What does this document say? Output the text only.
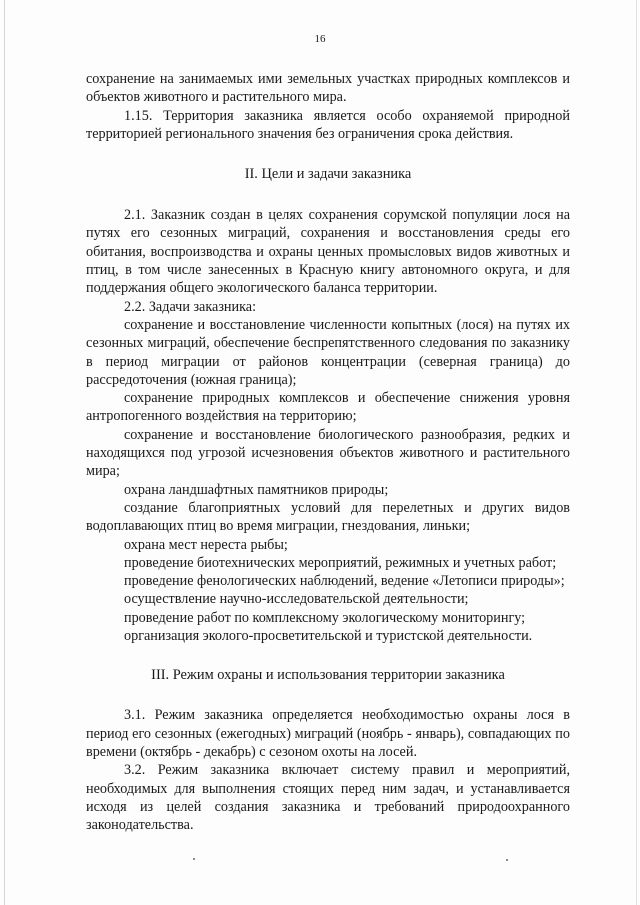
16

сохранение на занимаемых ими земельных участках природных комплексов и объектов животного и растительного мира.

1.15. Территория заказника является особо охраняемой природной территорией регионального значения без ограничения срока действия.

II. Цели и задачи заказника

2.1. Заказник создан в целях сохранения сорумской популяции лося на путях его сезонных миграций, сохранения и восстановления среды его обитания, воспроизводства и охраны ценных промысловых видов животных и птиц, в том числе занесенных в Красную книгу автономного округа, и для поддержания общего экологического баланса территории.

2.2. Задачи заказника:

сохранение и восстановление численности копытных (лося) на путях их сезонных миграций, обеспечение беспрепятственного следования по заказнику в период миграции от районов концентрации (северная граница) до рассредоточения (южная граница);

сохранение природных комплексов и обеспечение снижения уровня антропогенного воздействия на территорию;

сохранение и восстановление биологического разнообразия, редких и находящихся под угрозой исчезновения объектов животного и растительного мира;

охрана ландшафтных памятников природы;

создание благоприятных условий для перелетных и других видов водоплавающих птиц во время миграции, гнездования, линьки;

охрана мест нереста рыбы;

проведение биотехнических мероприятий, режимных и учетных работ;

проведение фенологических наблюдений, ведение «Летописи природы»;

осуществление научно-исследовательской деятельности;

проведение работ по комплексному экологическому мониторингу;

организация эколого-просветительской и туристской деятельности.

III. Режим охраны и использования территории заказника

3.1. Режим заказника определяется необходимостью охраны лося в период его сезонных (ежегодных) миграций (ноябрь - январь), совпадающих по времени (октябрь - декабрь) с сезоном охоты на лосей.

3.2. Режим заказника включает систему правил и мероприятий, необходимых для выполнения стоящих перед ним задач, и устанавливается исходя из целей создания заказника и требований природоохранного законодательства.
